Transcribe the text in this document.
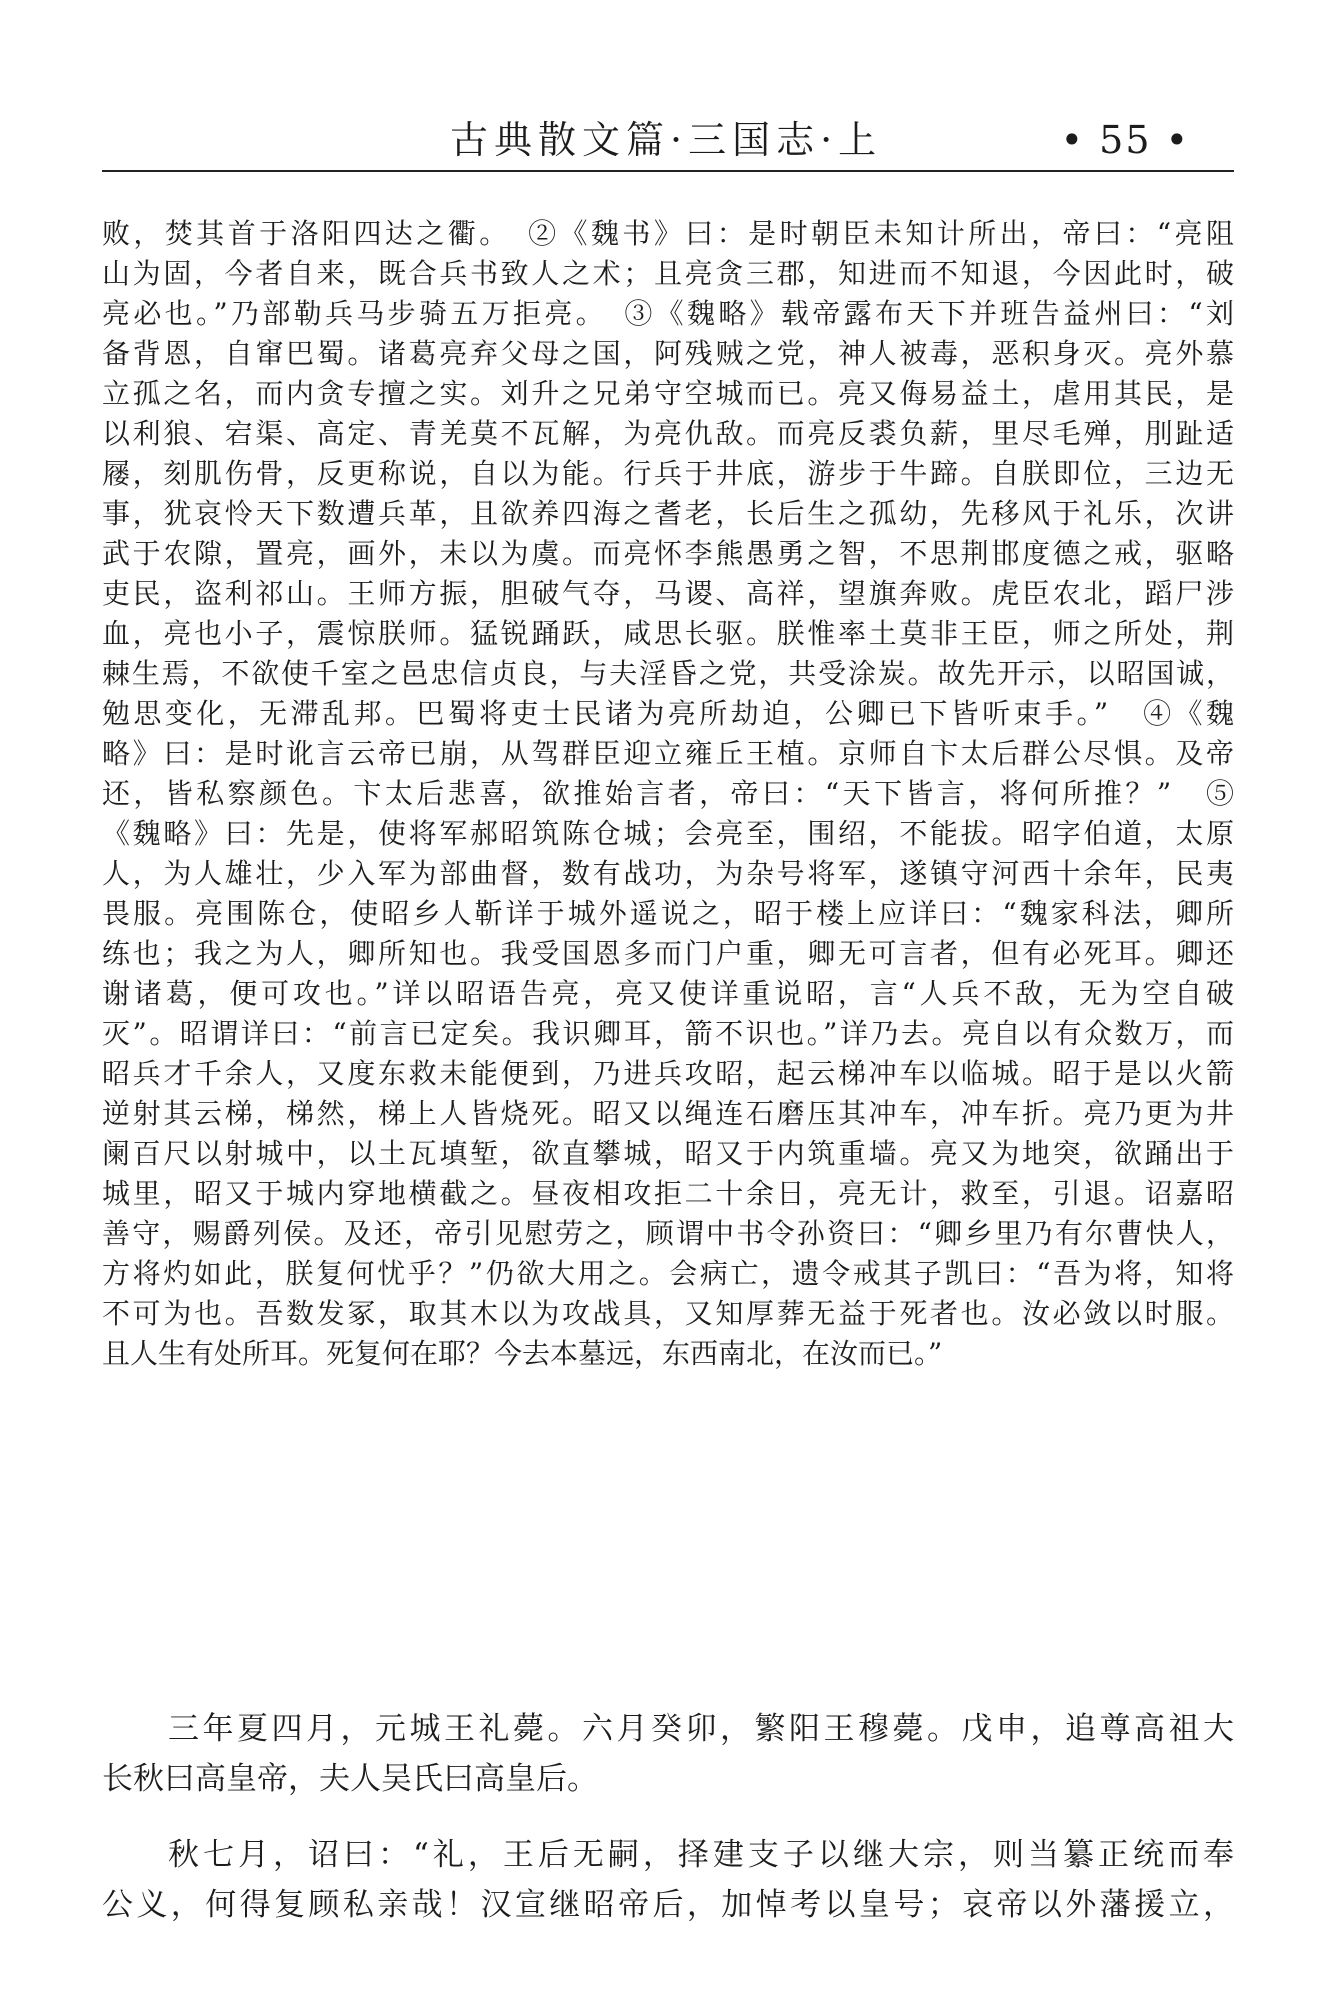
古典散文篇·三国志·上	• 55 •
败，焚其首于洛阳四达之衢。　②《魏书》曰：是时朝臣未知计所出，帝曰：“亮阻
山为固，今者自来，既合兵书致人之术；且亮贪三郡，知进而不知退，今因此时，破
亮必也。”乃部勒兵马步骑五万拒亮。　③《魏略》载帝露布天下并班告益州曰：“刘
备背恩，自窜巴蜀。诸葛亮弃父母之国，阿残贼之党，神人被毒，恶积身灭。亮外慕
立孤之名，而内贪专擅之实。刘升之兄弟守空城而已。亮又侮易益土，虐用其民，是
以利狼、宕渠、高定、青羌莫不瓦解，为亮仇敌。而亮反裘负薪，里尽毛殚，刖趾适
屦，刻肌伤骨，反更称说，自以为能。行兵于井底，游步于牛蹄。自朕即位，三边无
事，犹哀怜天下数遭兵革，且欲养四海之耆老，长后生之孤幼，先移风于礼乐，次讲
武于农隙，置亮，画外，未以为虞。而亮怀李熊愚勇之智，不思荆邯度德之戒，驱略
吏民，盗利祁山。王师方振，胆破气夺，马谡、高祥，望旗奔败。虎臣农北，蹈尸涉
血，亮也小子，震惊朕师。猛锐踊跃，咸思长驱。朕惟率土莫非王臣，师之所处，荆
棘生焉，不欲使千室之邑忠信贞良，与夫淫昏之党，共受涂炭。故先开示，以昭国诚，
勉思变化，无滞乱邦。巴蜀将吏士民诸为亮所劫迫，公卿已下皆听束手。”　④《魏
略》曰：是时讹言云帝已崩，从驾群臣迎立雍丘王植。京师自卞太后群公尽惧。及帝
还，皆私察颜色。卞太后悲喜，欲推始言者，帝曰：“天下皆言，将何所推？”　⑤
《魏略》曰：先是，使将军郝昭筑陈仓城；会亮至，围绍，不能拔。昭字伯道，太原
人，为人雄壮，少入军为部曲督，数有战功，为杂号将军，遂镇守河西十余年，民夷
畏服。亮围陈仓，使昭乡人靳详于城外遥说之，昭于楼上应详曰：“魏家科法，卿所
练也；我之为人，卿所知也。我受国恩多而门户重，卿无可言者，但有必死耳。卿还
谢诸葛，便可攻也。”详以昭语告亮，亮又使详重说昭，言“人兵不敌，无为空自破
灭”。昭谓详曰：“前言已定矣。我识卿耳，箭不识也。”详乃去。亮自以有众数万，而
昭兵才千余人，又度东救未能便到，乃进兵攻昭，起云梯冲车以临城。昭于是以火箭
逆射其云梯，梯然，梯上人皆烧死。昭又以绳连石磨压其冲车，冲车折。亮乃更为井
阑百尺以射城中，以土瓦填堑，欲直攀城，昭又于内筑重墙。亮又为地突，欲踊出于
城里，昭又于城内穿地横截之。昼夜相攻拒二十余日，亮无计，救至，引退。诏嘉昭
善守，赐爵列侯。及还，帝引见慰劳之，顾谓中书令孙资曰：“卿乡里乃有尔曹快人，
方将灼如此，朕复何忧乎？”仍欲大用之。会病亡，遗令戒其子凯曰：“吾为将，知将
不可为也。吾数发冢，取其木以为攻战具，又知厚葬无益于死者也。汝必敛以时服。
且人生有处所耳。死复何在耶？今去本墓远，东西南北，在汝而已。”
三年夏四月，元城王礼薨。六月癸卯，繁阳王穆薨。戊申，追尊高祖大
长秋曰高皇帝，夫人吴氏曰高皇后。
秋七月，诏曰：“礼，王后无嗣，择建支子以继大宗，则当纂正统而奉
公义，何得复顾私亲哉！汉宣继昭帝后，加悼考以皇号；哀帝以外藩援立，
